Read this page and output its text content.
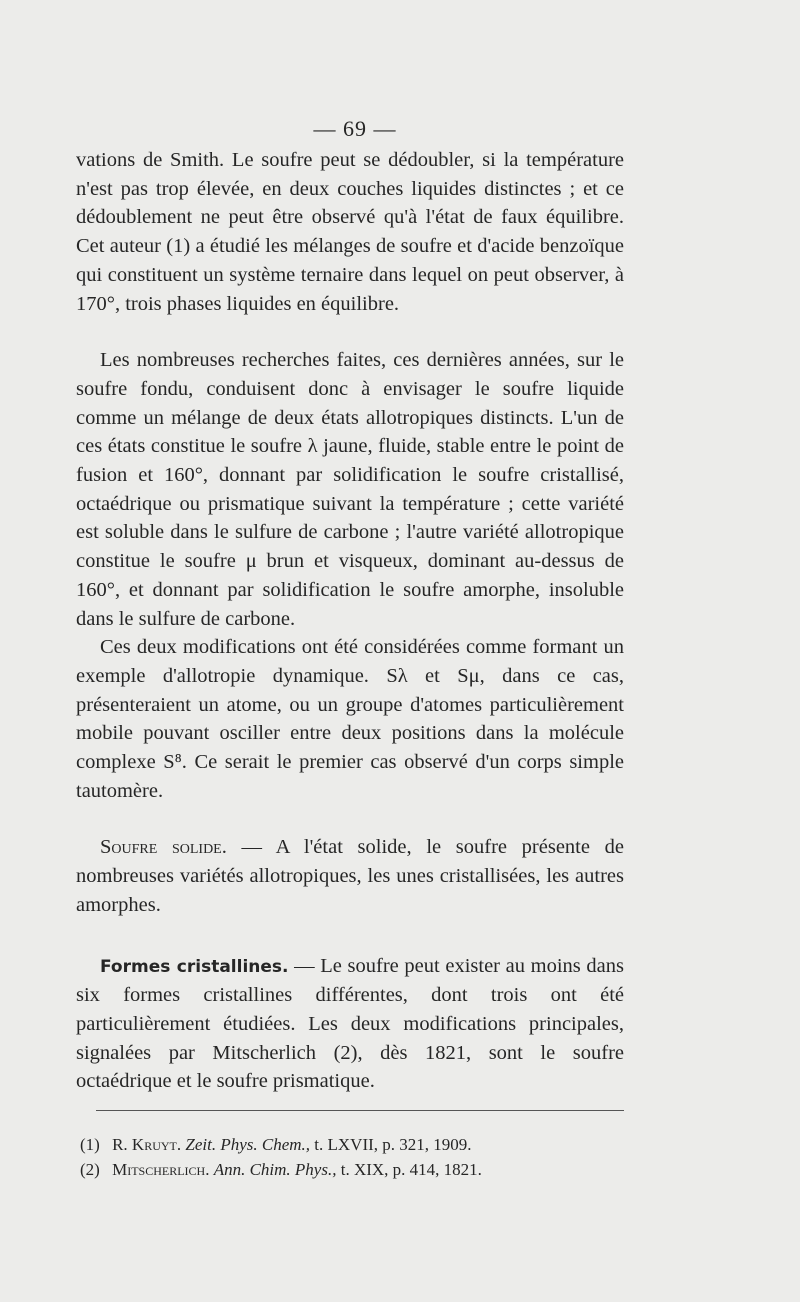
— 69 —

vations de Smith. Le soufre peut se dédoubler, si la température n'est pas trop élevée, en deux couches liquides distinctes ; et ce dédoublement ne peut être observé qu'à l'état de faux équilibre. Cet auteur (1) a étudié les mélanges de soufre et d'acide benzoïque qui constituent un système ternaire dans lequel on peut observer, à 170°, trois phases liquides en équilibre.

Les nombreuses recherches faites, ces dernières années, sur le soufre fondu, conduisent donc à envisager le soufre liquide comme un mélange de deux états allotropiques distincts. L'un de ces états constitue le soufre λ jaune, fluide, stable entre le point de fusion et 160°, donnant par solidification le soufre cristallisé, octaédrique ou prismatique suivant la température ; cette variété est soluble dans le sulfure de carbone ; l'autre variété allotropique constitue le soufre μ brun et visqueux, dominant au-dessus de 160°, et donnant par solidification le soufre amorphe, insoluble dans le sulfure de carbone.

Ces deux modifications ont été considérées comme formant un exemple d'allotropie dynamique. Sλ et Sμ, dans ce cas, présenteraient un atome, ou un groupe d'atomes particulièrement mobile pouvant osciller entre deux positions dans la molécule complexe S⁸. Ce serait le premier cas observé d'un corps simple tautomère.

Soufre solide. — A l'état solide, le soufre présente de nombreuses variétés allotropiques, les unes cristallisées, les autres amorphes.

Formes cristallines. — Le soufre peut exister au moins dans six formes cristallines différentes, dont trois ont été particulièrement étudiées. Les deux modifications principales, signalées par Mitscherlich (2), dès 1821, sont le soufre octaédrique et le soufre prismatique.

(1) R. Kruyt. Zeit. Phys. Chem., t. LXVII, p. 321, 1909.
(2) Mitscherlich. Ann. Chim. Phys., t. XIX, p. 414, 1821.
